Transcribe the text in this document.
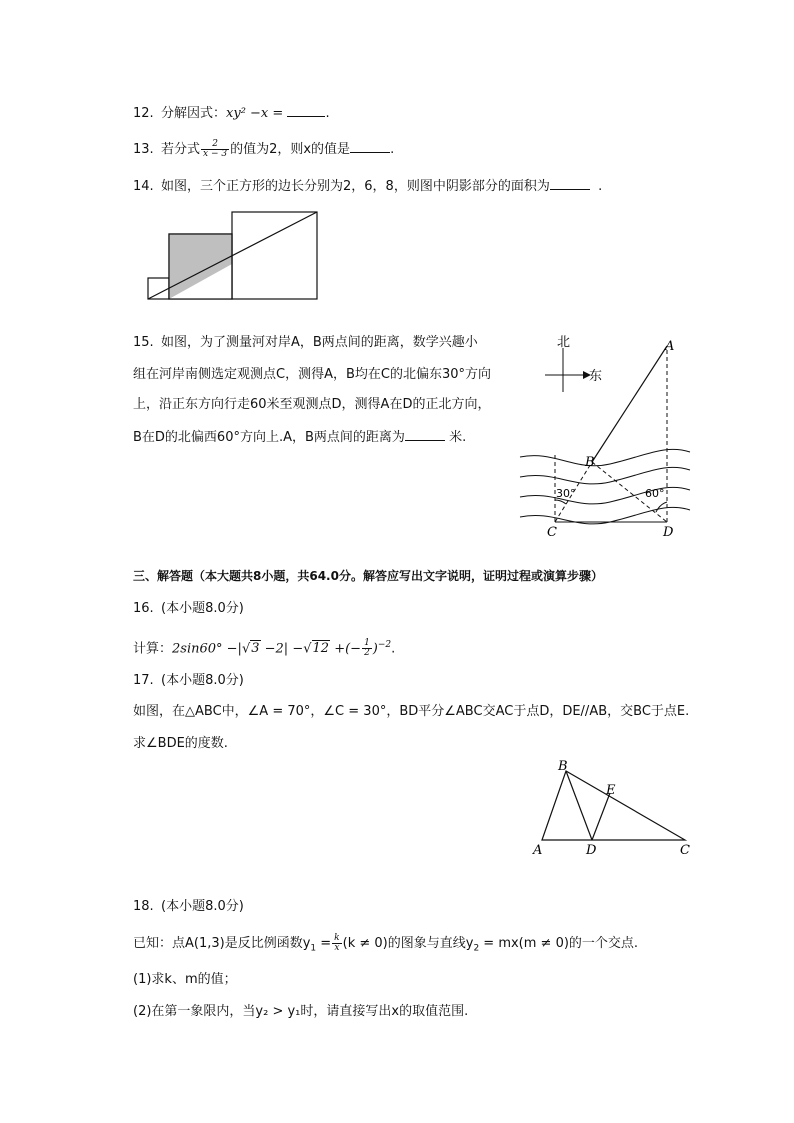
12. 分解因式：xy² −x =	.
13. 若分式 $\frac{2}{x - 3}$ 的值为2，则x的值是	.
14. 如图，三个正方形的边长分别为2，6，8，则图中阴影部分的面积为	.
15. 如图，为了测量河对岸A，B两点间的距离，数学兴趣小
组在河岸南侧选定观测点C，测得A，B均在C的北偏东30°方向
上，沿正东方向行走60米至观测点D，测得A在D的正北方向，
B在D的北偏西60°方向上.A，B两点间的距离为	米.
北
东
A
B
C	D
30°	60°
三、解答题（本大题共8小题，共64.0分。解答应写出文字说明，证明过程或演算步骤）
16. (本小题8.0分)
计算：2sin60° −|√3 −2| −√12 +(− $\frac{1}{2} )^{-2}$.
17. (本小题8.0分)
如图，在△ABC中，∠A = 70°，∠C = 30°，BD平分∠ABC交AC于点D，DE//AB，交BC于点E.
求∠BDE的度数.
B
E
A	D	C
18. (本小题8.0分)
已知：点A(1,3)是反比例函数$y_1 = \frac{k}{x} (k \ne 0)$的图象与直线$y_2 = mx(m \ne 0)$的一个交点.
(1)求k、m的值；
(2)在第一象限内，当y₂ > y₁时，请直接写出x的取值范围.
